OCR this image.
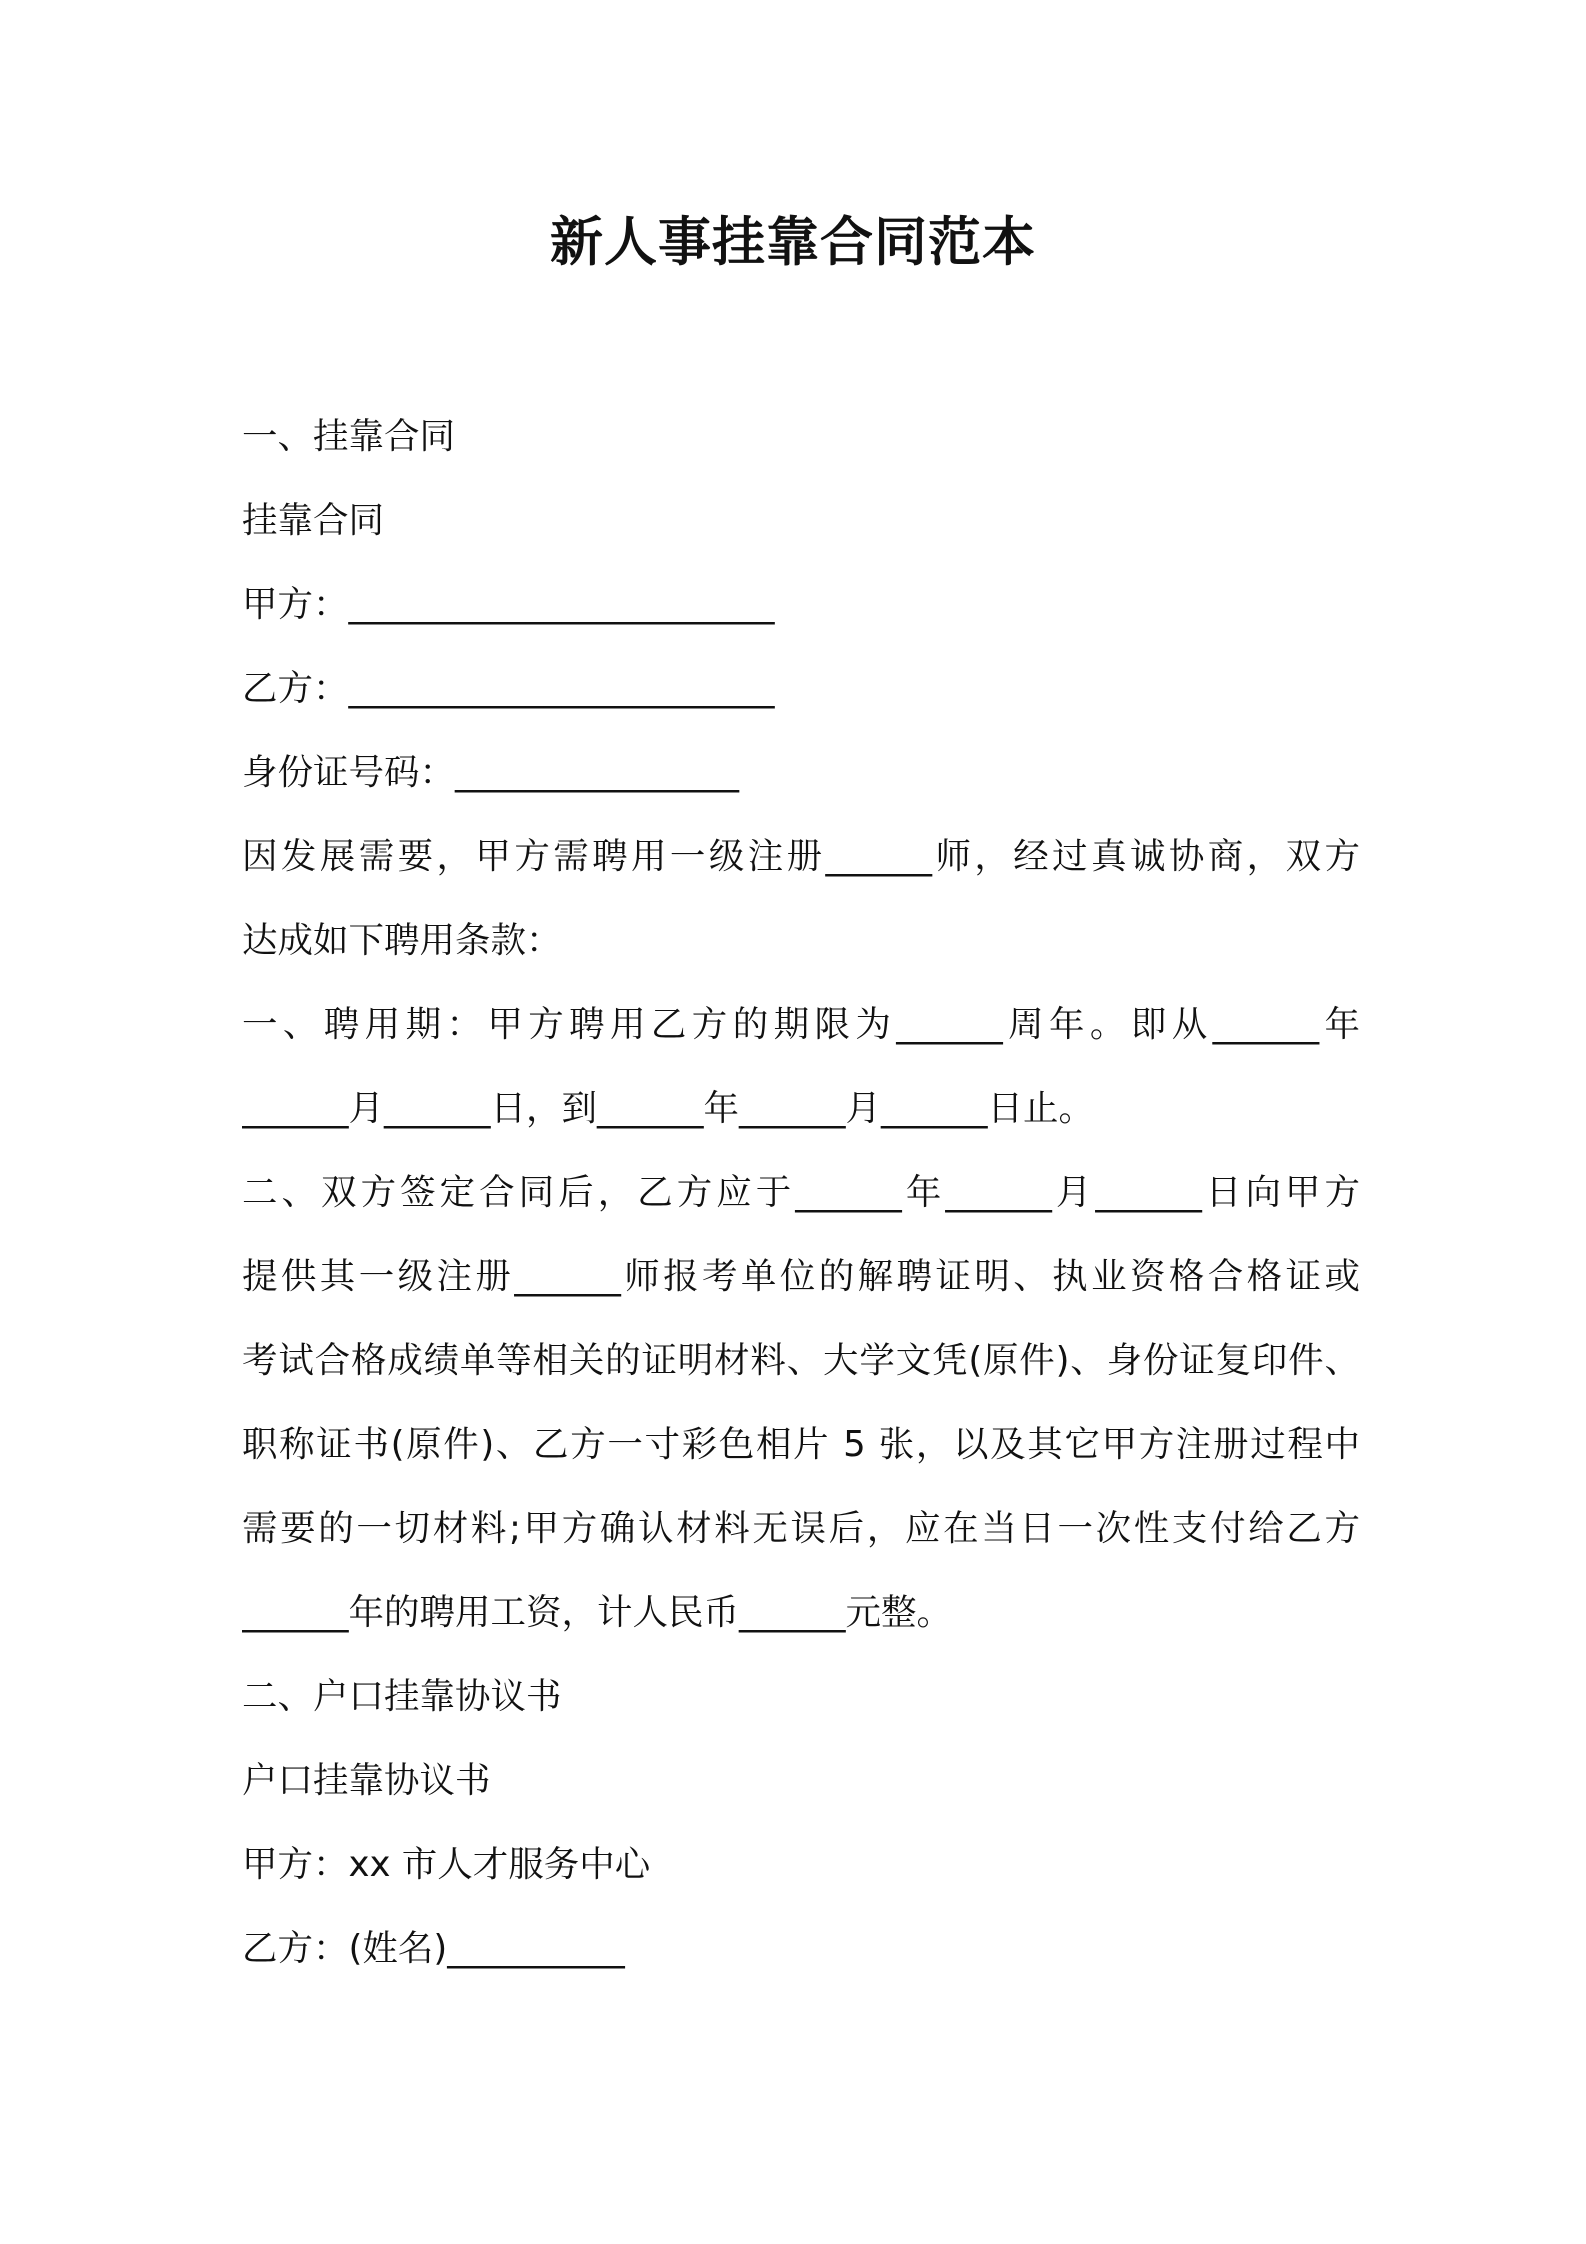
新人事挂靠合同范本
一、挂靠合同
挂靠合同
甲方：________________________
乙方：________________________
身份证号码：________________
因发展需要，甲方需聘用一级注册______师，经过真诚协商，双方
达成如下聘用条款：
一、聘用期：甲方聘用乙方的期限为______周年。即从______年
______月______日，到______年______月______日止。
二、双方签定合同后，乙方应于______年______月______日向甲方
提供其一级注册______师报考单位的解聘证明、执业资格合格证或
考试合格成绩单等相关的证明材料、大学文凭(原件)、身份证复印件、
职称证书(原件)、乙方一寸彩色相片 5 张，以及其它甲方注册过程中
需要的一切材料;甲方确认材料无误后，应在当日一次性支付给乙方
______年的聘用工资，计人民币______元整。
二、户口挂靠协议书
户口挂靠协议书
甲方：xx 市人才服务中心
乙方：(姓名)__________
